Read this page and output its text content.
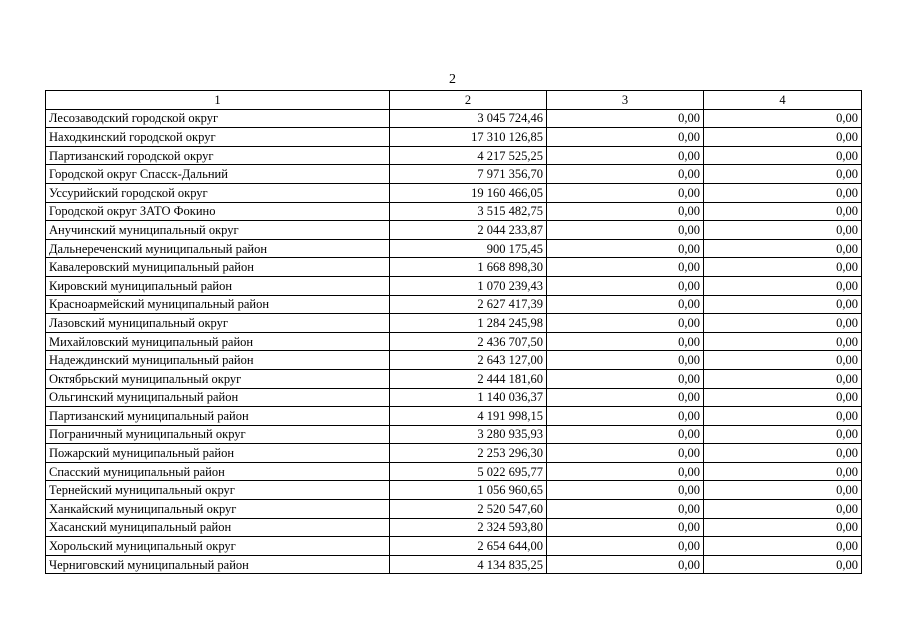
2
1	2	3	4
Лесозаводский городской округ	3 045 724,46	0,00	0,00
Находкинский городской округ	17 310 126,85	0,00	0,00
Партизанский городской округ	4 217 525,25	0,00	0,00
Городской округ Спасск-Дальний	7 971 356,70	0,00	0,00
Уссурийский городской округ	19 160 466,05	0,00	0,00
Городской округ ЗАТО Фокино	3 515 482,75	0,00	0,00
Анучинский муниципальный округ	2 044 233,87	0,00	0,00
Дальнереченский муниципальный район	900 175,45	0,00	0,00
Кавалеровский муниципальный район	1 668 898,30	0,00	0,00
Кировский муниципальный район	1 070 239,43	0,00	0,00
Красноармейский муниципальный район	2 627 417,39	0,00	0,00
Лазовский муниципальный округ	1 284 245,98	0,00	0,00
Михайловский муниципальный район	2 436 707,50	0,00	0,00
Надеждинский муниципальный район	2 643 127,00	0,00	0,00
Октябрьский муниципальный округ	2 444 181,60	0,00	0,00
Ольгинский муниципальный район	1 140 036,37	0,00	0,00
Партизанский муниципальный район	4 191 998,15	0,00	0,00
Пограничный муниципальный округ	3 280 935,93	0,00	0,00
Пожарский муниципальный район	2 253 296,30	0,00	0,00
Спасский муниципальный район	5 022 695,77	0,00	0,00
Тернейский муниципальный округ	1 056 960,65	0,00	0,00
Ханкайский муниципальный округ	2 520 547,60	0,00	0,00
Хасанский муниципальный район	2 324 593,80	0,00	0,00
Хорольский муниципальный округ	2 654 644,00	0,00	0,00
Черниговский муниципальный район	4 134 835,25	0,00	0,00
